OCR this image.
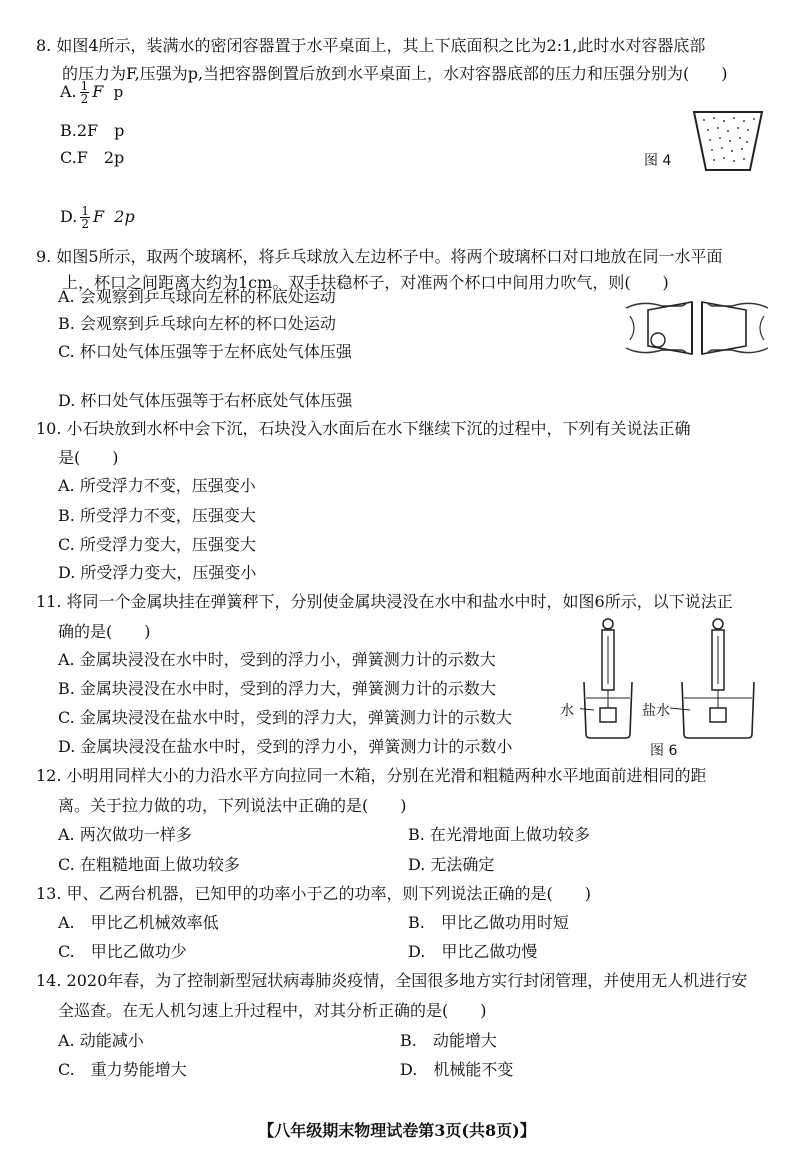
8. 如图4所示，装满水的密闭容器置于水平桌面上，其上下底面积之比为2:1,此时水对容器底部
的压力为F,压强为p,当把容器倒置后放到水平桌面上，水对容器底部的压力和压强分别为(　　)
A. $\frac{1}{2}$ F p
B.2F　p
C.F　2p
D. $\frac{1}{2}$ F 2p
图 4
9. 如图5所示，取两个玻璃杯，将乒乓球放入左边杯子中。将两个玻璃杯口对口地放在同一水平面
上，杯口之间距离大约为1cm。双手扶稳杯子，对准两个杯口中间用力吹气，则(　　)
A. 会观察到乒乓球向左杯的杯底处运动
B. 会观察到乒乓球向左杯的杯口处运动
C. 杯口处气体压强等于左杯底处气体压强
D. 杯口处气体压强等于右杯底处气体压强
10. 小石块放到水杯中会下沉，石块没入水面后在水下继续下沉的过程中，下列有关说法正确
是(　　)
A. 所受浮力不变，压强变小
B. 所受浮力不变，压强变大
C. 所受浮力变大，压强变大
D. 所受浮力变大，压强变小
11. 将同一个金属块挂在弹簧秤下，分别使金属块浸没在水中和盐水中时，如图6所示，以下说法正
确的是(　　)
A. 金属块浸没在水中时，受到的浮力小，弹簧测力计的示数大
B. 金属块浸没在水中时，受到的浮力大，弹簧测力计的示数大
C. 金属块浸没在盐水中时，受到的浮力大，弹簧测力计的示数大
D. 金属块浸没在盐水中时，受到的浮力小，弹簧测力计的示数小
水	盐水
图 6
12. 小明用同样大小的力沿水平方向拉同一木箱，分别在光滑和粗糙两种水平地面前进相同的距
离。关于拉力做的功，下列说法中正确的是(　　)
A. 两次做功一样多	B. 在光滑地面上做功较多
C. 在粗糙地面上做功较多	D. 无法确定
13. 甲、乙两台机器，已知甲的功率小于乙的功率，则下列说法正确的是(　　)
A.　甲比乙机械效率低	B.　甲比乙做功用时短
C.　甲比乙做功少	D.　甲比乙做功慢
14. 2020年春，为了控制新型冠状病毒肺炎疫情，全国很多地方实行封闭管理，并使用无人机进行安
全巡查。在无人机匀速上升过程中，对其分析正确的是(　　)
A. 动能减小	B.　动能增大
C.　重力势能增大	D.　机械能不变
【八年级期末物理试卷第3页(共8页)】
